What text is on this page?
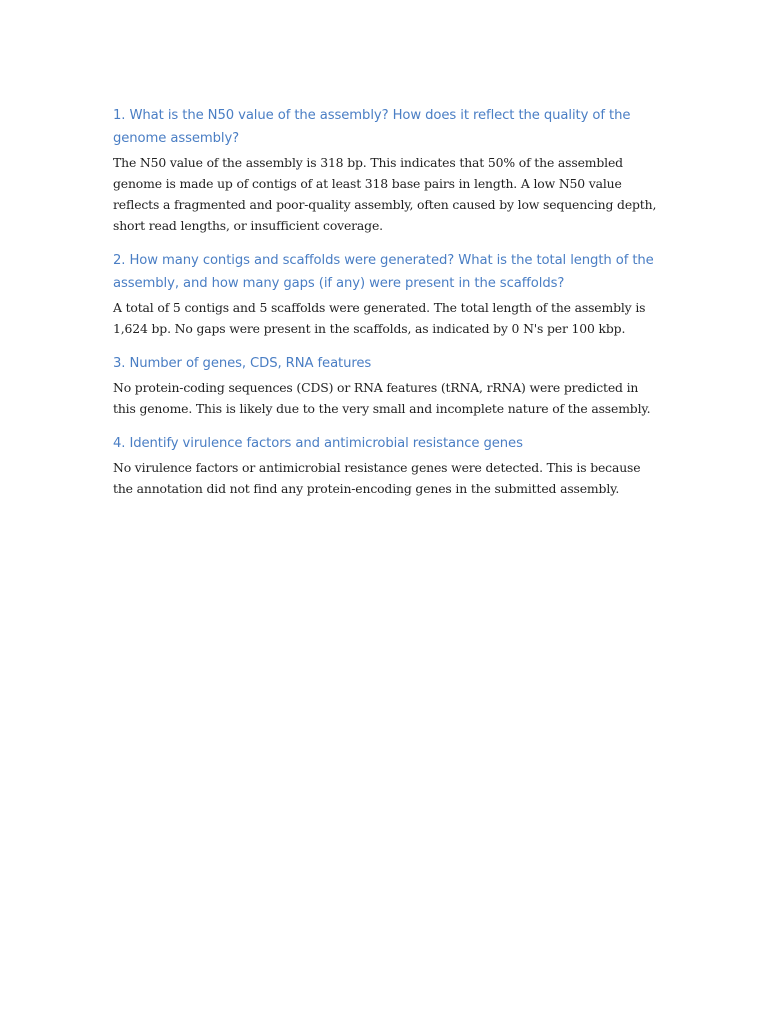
1. What is the N50 value of the assembly? How does it reflect the quality of the genome assembly?

The N50 value of the assembly is 318 bp. This indicates that 50% of the assembled genome is made up of contigs of at least 318 base pairs in length. A low N50 value reflects a fragmented and poor-quality assembly, often caused by low sequencing depth, short read lengths, or insufficient coverage.

2. How many contigs and scaffolds were generated? What is the total length of the assembly, and how many gaps (if any) were present in the scaffolds?

A total of 5 contigs and 5 scaffolds were generated. The total length of the assembly is 1,624 bp. No gaps were present in the scaffolds, as indicated by 0 N's per 100 kbp.

3. Number of genes, CDS, RNA features

No protein-coding sequences (CDS) or RNA features (tRNA, rRNA) were predicted in this genome. This is likely due to the very small and incomplete nature of the assembly.

4. Identify virulence factors and antimicrobial resistance genes

No virulence factors or antimicrobial resistance genes were detected. This is because the annotation did not find any protein-encoding genes in the submitted assembly.
